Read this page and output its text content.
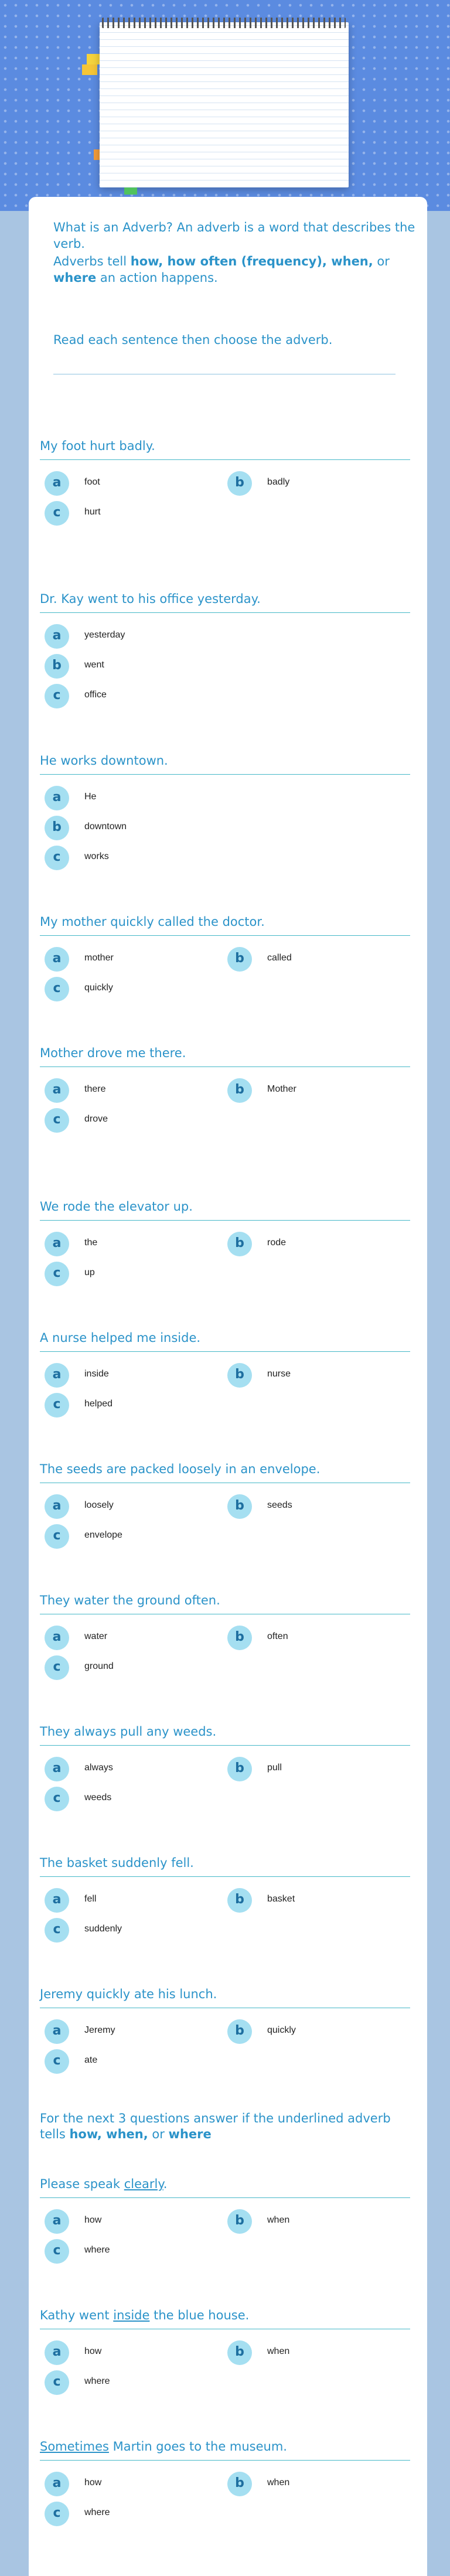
What is an Adverb? An adverb is a word that describes the verb.

Adverbs tell how, how often (frequency), when, or where an action happens.

Read each sentence then choose the adverb.
My foot hurt badly.
a	foot	b	badly
c	hurt
Dr. Kay went to his office yesterday.
a	yesterday
b	went
c	office
He works downtown.
a	He
b	downtown
c	works
My mother quickly called the doctor.
a	mother	b	called
c	quickly
Mother drove me there.
a	there	b	Mother
c	drove
We rode the elevator up.
a	the	b	rode
c	up
A nurse helped me inside.
a	inside	b	nurse
c	helped
The seeds are packed loosely in an envelope.
a	loosely	b	seeds
c	envelope
They water the ground often.
a	water	b	often
c	ground
They always pull any weeds.
a	always	b	pull
c	weeds
The basket suddenly fell.
a	fell	b	basket
c	suddenly
Jeremy quickly ate his lunch.
a	Jeremy	b	quickly
c	ate
For the next 3 questions answer if the underlined adverb tells how, when, or where
Please speak clearly.
a	how	b	when
c	where
Kathy went inside the blue house.
a	how	b	when
c	where
Sometimes Martin goes to the museum.
a	how	b	when
c	where
